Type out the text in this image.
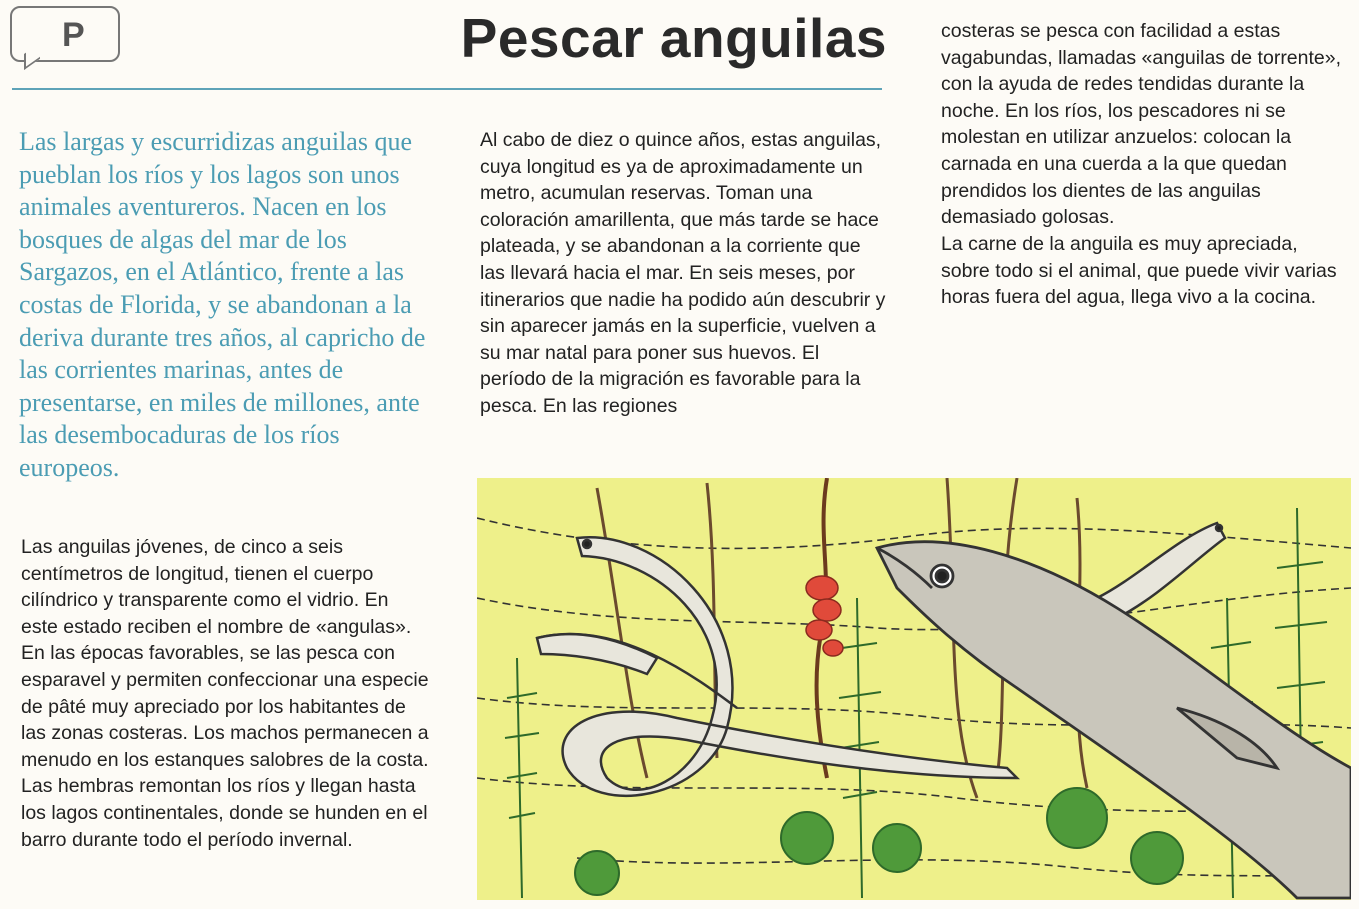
P	Pescar anguilas

Las largas y escurridizas anguilas que pueblan los ríos y los lagos son unos animales aventureros. Nacen en los bosques de algas del mar de los Sargazos, en el Atlántico, frente a las costas de Florida, y se abandonan a la deriva durante tres años, al capricho de las corrientes marinas, antes de presentarse, en miles de millones, ante las desembocaduras de los ríos europeos.

Las anguilas jóvenes, de cinco a seis centímetros de longitud, tienen el cuerpo cilíndrico y transparente como el vidrio. En este estado reciben el nombre de «angulas». En las épocas favorables, se las pesca con esparavel y permiten confeccionar una especie de pâté muy apreciado por los habitantes de las zonas costeras. Los machos permanecen a menudo en los estanques salobres de la costa. Las hembras remontan los ríos y llegan hasta los lagos continentales, donde se hunden en el barro durante todo el período invernal.

Al cabo de diez o quince años, estas anguilas, cuya longitud es ya de aproximadamente un metro, acumulan reservas. Toman una coloración amarillenta, que más tarde se hace plateada, y se abandonan a la corriente que las llevará hacia el mar. En seis meses, por itinerarios que nadie ha podido aún descubrir y sin aparecer jamás en la superficie, vuelven a su mar natal para poner sus huevos. El período de la migración es favorable para la pesca. En las regiones

costeras se pesca con facilidad a estas vagabundas, llamadas «anguilas de torrente», con la ayuda de redes tendidas durante la noche. En los ríos, los pescadores ni se molestan en utilizar anzuelos: colocan la carnada en una cuerda a la que quedan prendidos los dientes de las anguilas demasiado golosas.

La carne de la anguila es muy apreciada, sobre todo si el animal, que puede vivir varias horas fuera del agua, llega vivo a la cocina.
